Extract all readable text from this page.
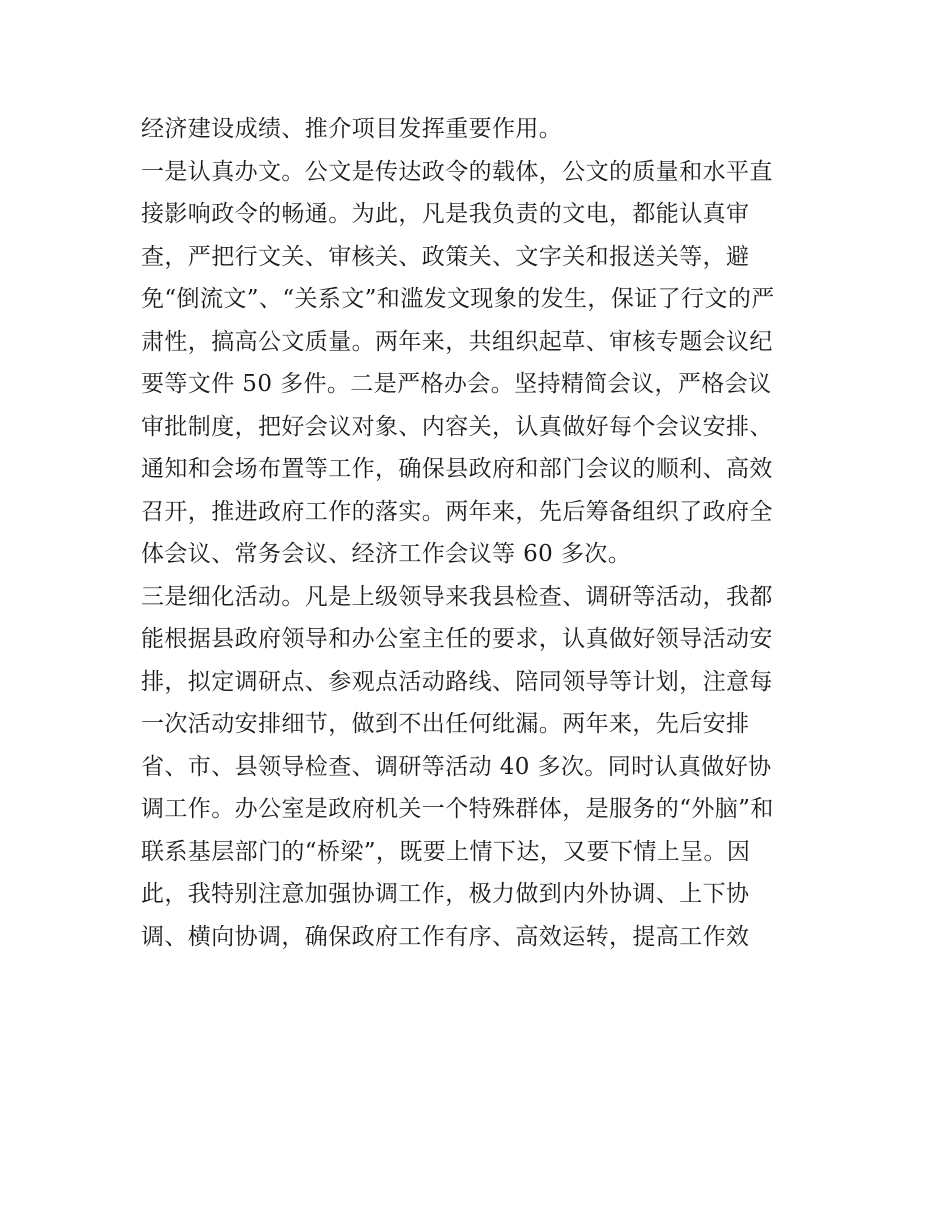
经济建设成绩、推介项目发挥重要作用。
一是认真办文。公文是传达政令的载体，公文的质量和水平直
接影响政令的畅通。为此，凡是我负责的文电，都能认真审
查，严把行文关、审核关、政策关、文字关和报送关等，避
免“倒流文”、“关系文”和滥发文现象的发生，保证了行文的严
肃性，搞高公文质量。两年来，共组织起草、审核专题会议纪
要等文件 50 多件。二是严格办会。坚持精简会议，严格会议
审批制度，把好会议对象、内容关，认真做好每个会议安排、
通知和会场布置等工作，确保县政府和部门会议的顺利、高效
召开，推进政府工作的落实。两年来，先后筹备组织了政府全
体会议、常务会议、经济工作会议等 60 多次。
三是细化活动。凡是上级领导来我县检查、调研等活动，我都
能根据县政府领导和办公室主任的要求，认真做好领导活动安
排，拟定调研点、参观点活动路线、陪同领导等计划，注意每
一次活动安排细节，做到不出任何纰漏。两年来，先后安排
省、市、县领导检查、调研等活动 40 多次。同时认真做好协
调工作。办公室是政府机关一个特殊群体，是服务的“外脑”和
联系基层部门的“桥梁”，既要上情下达，又要下情上呈。因
此，我特别注意加强协调工作，极力做到内外协调、上下协
调、横向协调，确保政府工作有序、高效运转，提高工作效
